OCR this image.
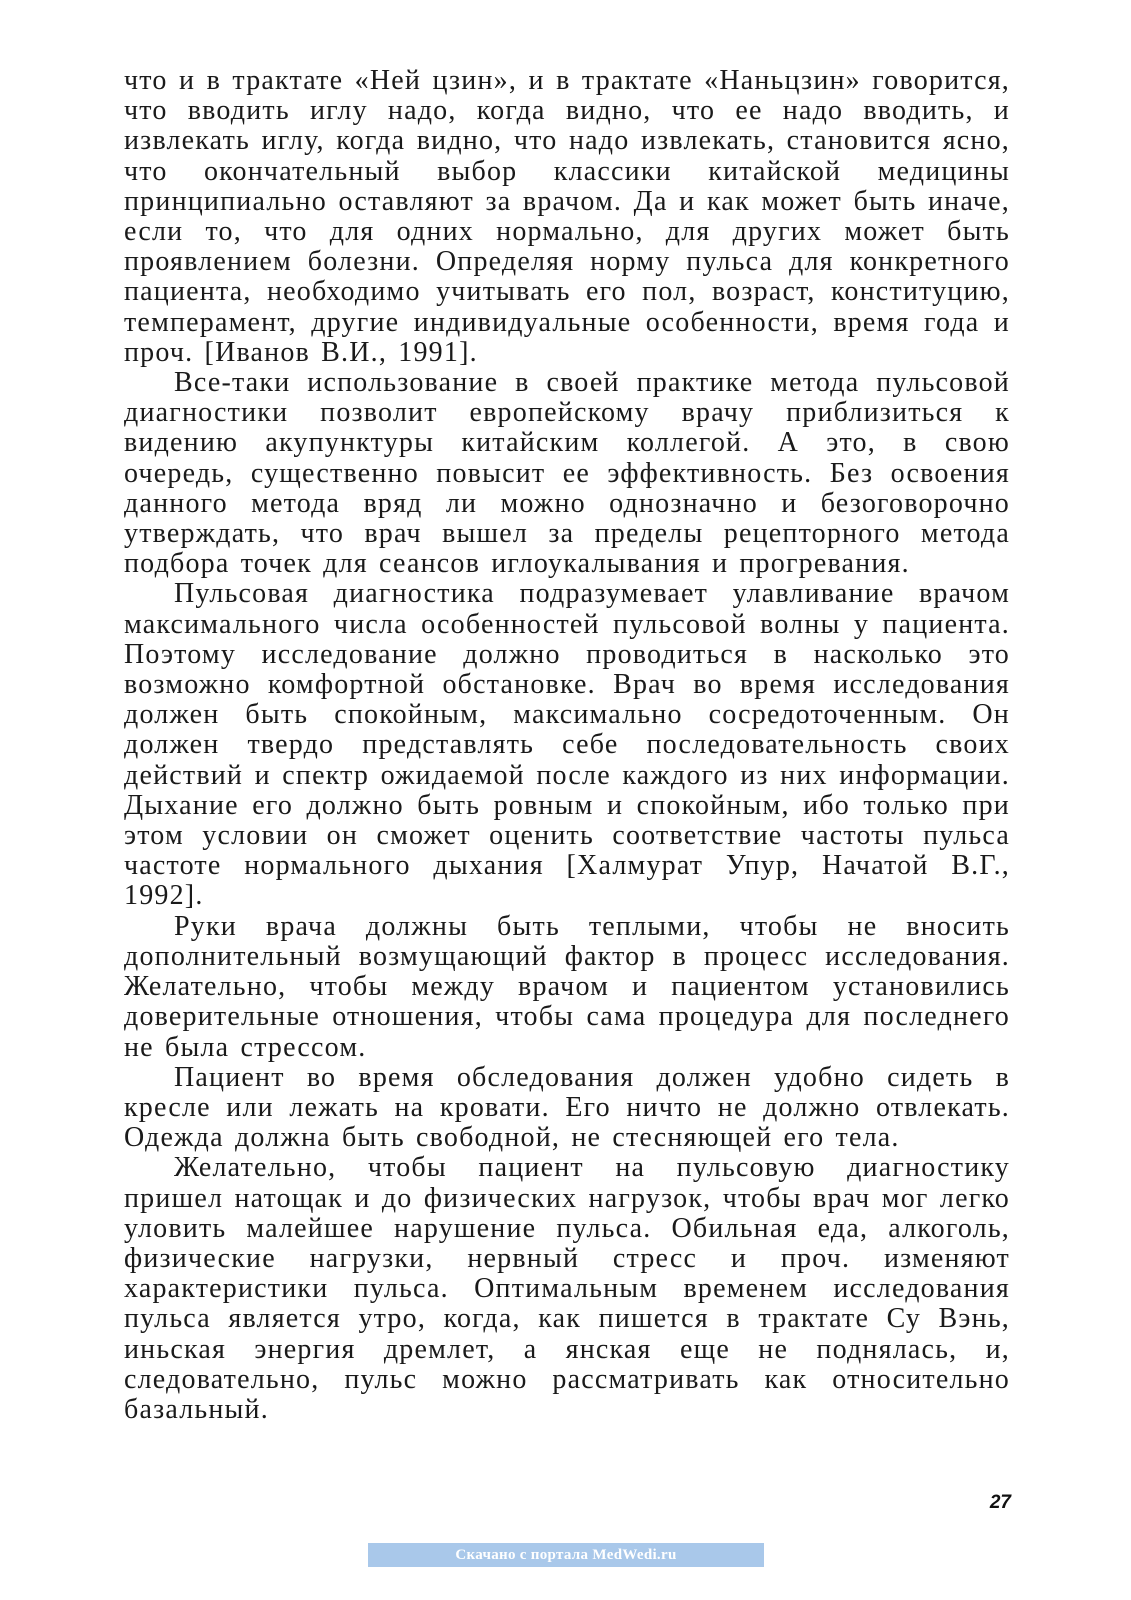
что и в трактате «Ней цзин», и в трактате «Наньцзин» говорится, что вводить иглу надо, когда видно, что ее надо вводить, и извлекать иглу, когда видно, что надо извлекать, становится ясно, что окончательный выбор классики китайской медицины принципиально оставляют за врачом. Да и как может быть иначе, если то, что для одних нормально, для других может быть проявлением болезни. Определяя норму пульса для конкретного пациента, необходимо учитывать его пол, возраст, конституцию, темперамент, другие индивидуальные особенности, время года и проч. [Иванов В.И., 1991].

Все-таки использование в своей практике метода пульсовой диагностики позволит европейскому врачу приблизиться к видению акупунктуры китайским коллегой. А это, в свою очередь, существенно повысит ее эффективность. Без освоения данного метода вряд ли можно однозначно и безоговорочно утверждать, что врач вышел за пределы рецепторного метода подбора точек для сеансов иглоукалывания и прогревания.

Пульсовая диагностика подразумевает улавливание врачом максимального числа особенностей пульсовой волны у пациента. Поэтому исследование должно проводиться в насколько это возможно комфортной обстановке. Врач во время исследования должен быть спокойным, максимально сосредоточенным. Он должен твердо представлять себе последовательность своих действий и спектр ожидаемой после каждого из них информации. Дыхание его должно быть ровным и спокойным, ибо только при этом условии он сможет оценить соответствие частоты пульса частоте нормального дыхания [Халмурат Упур, Начатой В.Г., 1992].

Руки врача должны быть теплыми, чтобы не вносить дополнительный возмущающий фактор в процесс исследования. Желательно, чтобы между врачом и пациентом установились доверительные отношения, чтобы сама процедура для последнего не была стрессом.

Пациент во время обследования должен удобно сидеть в кресле или лежать на кровати. Его ничто не должно отвлекать. Одежда должна быть свободной, не стесняющей его тела.

Желательно, чтобы пациент на пульсовую диагностику пришел натощак и до физических нагрузок, чтобы врач мог легко уловить малейшее нарушение пульса. Обильная еда, алкоголь, физические нагрузки, нервный стресс и проч. изменяют характеристики пульса. Оптимальным временем исследования пульса является утро, когда, как пишется в трактате Су Вэнь, иньская энергия дремлет, а янская еще не поднялась, и, следовательно, пульс можно рассматривать как относительно базальный.

27
Скачано с портала MedWedi.ru
